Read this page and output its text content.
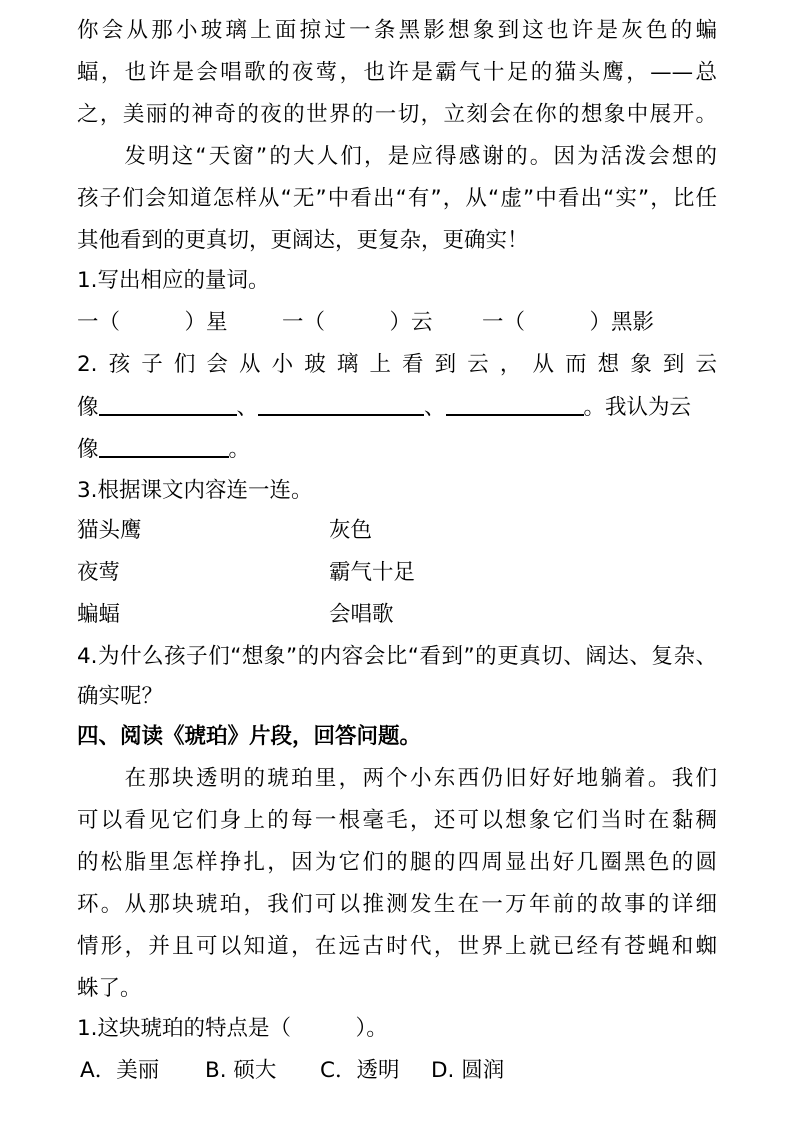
你会从那小玻璃上面掠过一条黑影想象到这也许是灰色的蝙
蝠，也许是会唱歌的夜莺，也许是霸气十足的猫头鹰，——总
之，美丽的神奇的夜的世界的一切，立刻会在你的想象中展开。
　　发明这“天窗”的大人们，是应得感谢的。因为活泼会想的
孩子们会知道怎样从“无”中看出“有”，从“虚”中看出“实”，比任
其他看到的更真切，更阔达，更复杂，更确实！
1.写出相应的量词。
一（　　　）星	一（　　　）云 一（　　　）黑影
2.孩子们会从小玻璃上看到云，从而想象到云
像	、	、	。我认为云
像	。
3.根据课文内容连一连。
猫头鹰	灰色
夜莺	霸气十足
蝙蝠	会唱歌
4.为什么孩子们“想象”的内容会比“看到”的更真切、阔达、复杂、
确实呢？
四、阅读《琥珀》片段，回答问题。
　　在那块透明的琥珀里，两个小东西仍旧好好地躺着。我们
可以看见它们身上的每一根毫毛，还可以想象它们当时在黏稠
的松脂里怎样挣扎，因为它们的腿的四周显出好几圈黑色的圆
环。从那块琥珀，我们可以推测发生在一万年前的故事的详细
情形，并且可以知道，在远古时代，世界上就已经有苍蝇和蜘
蛛了。
1.这块琥珀的特点是（　　　）。
A．美丽 B. 硕大 C．透明 D. 圆润
